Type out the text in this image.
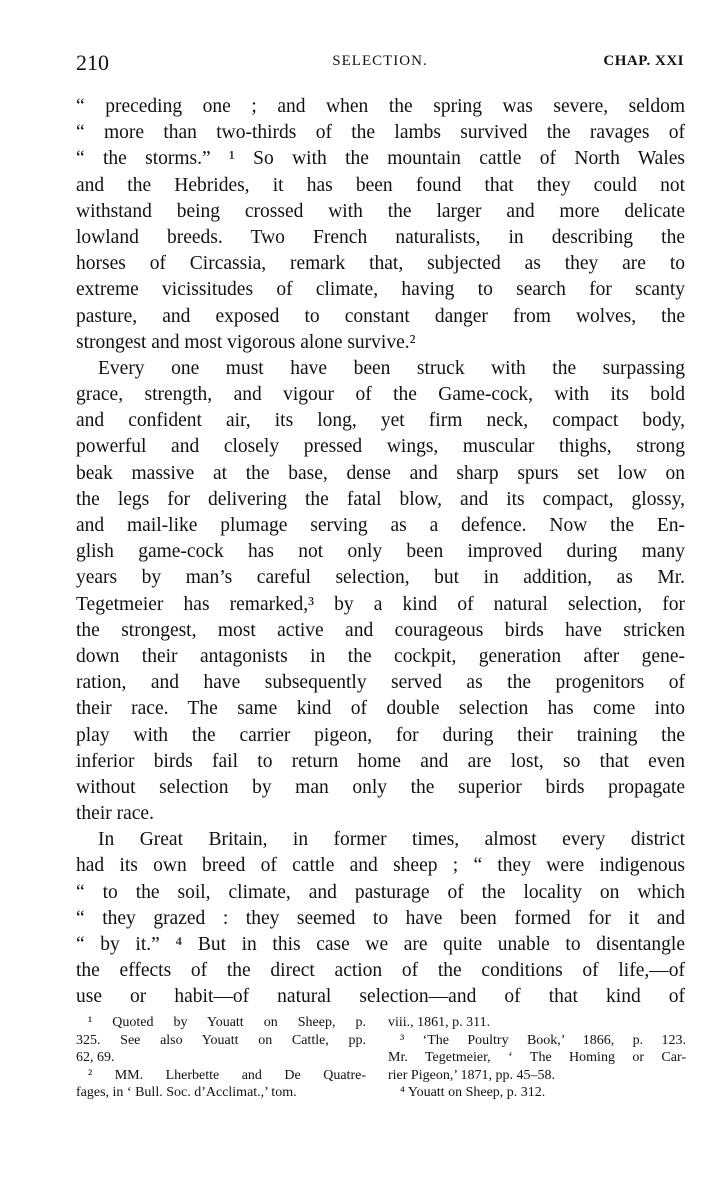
210	SELECTION.	CHAP. XXI
“ preceding one ; and when the spring was severe, seldom
“ more than two-thirds of the lambs survived the ravages of
“ the storms.” ¹ So with the mountain cattle of North Wales
and the Hebrides, it has been found that they could not
withstand being crossed with the larger and more delicate
lowland breeds. Two French naturalists, in describing the
horses of Circassia, remark that, subjected as they are to
extreme vicissitudes of climate, having to search for scanty
pasture, and exposed to constant danger from wolves, the
strongest and most vigorous alone survive.²
Every one must have been struck with the surpassing
grace, strength, and vigour of the Game-cock, with its bold
and confident air, its long, yet firm neck, compact body,
powerful and closely pressed wings, muscular thighs, strong
beak massive at the base, dense and sharp spurs set low on
the legs for delivering the fatal blow, and its compact, glossy,
and mail-like plumage serving as a defence. Now the En-
glish game-cock has not only been improved during many
years by man’s careful selection, but in addition, as Mr.
Tegetmeier has remarked,³ by a kind of natural selection, for
the strongest, most active and courageous birds have stricken
down their antagonists in the cockpit, generation after gene-
ration, and have subsequently served as the progenitors of
their race. The same kind of double selection has come into
play with the carrier pigeon, for during their training the
inferior birds fail to return home and are lost, so that even
without selection by man only the superior birds propagate
their race.
In Great Britain, in former times, almost every district
had its own breed of cattle and sheep ; “ they were indigenous
“ to the soil, climate, and pasturage of the locality on which
“ they grazed : they seemed to have been formed for it and
“ by it.” ⁴ But in this case we are quite unable to disentangle
the effects of the direct action of the conditions of life,—of
use or habit—of natural selection—and of that kind of
¹ Quoted by Youatt on Sheep, p.
325. See also Youatt on Cattle, pp.
62, 69.
² MM. Lherbette and De Quatre-
fages, in ‘ Bull. Soc. d’Acclimat.,’ tom.
viii., 1861, p. 311.
³ ‘The Poultry Book,’ 1866, p. 123.
Mr. Tegetmeier, ‘ The Homing or Car-
rier Pigeon,’ 1871, pp. 45–58.
⁴ Youatt on Sheep, p. 312.
